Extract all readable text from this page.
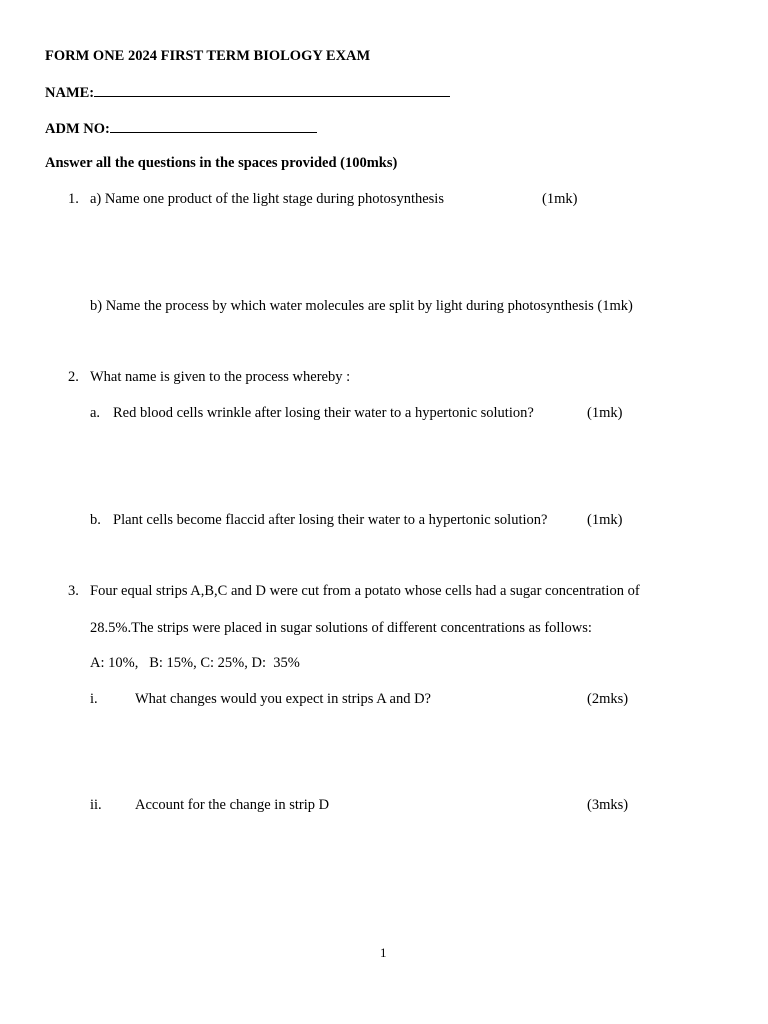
FORM ONE 2024 FIRST TERM BIOLOGY EXAM
NAME:
ADM NO:
Answer all the questions in the spaces provided (100mks)
1. a) Name one product of the light stage during photosynthesis	(1mk)
b) Name the process by which water molecules are split by light during photosynthesis (1mk)
2. What name is given to the process whereby :
a. Red blood cells wrinkle after losing their water to a hypertonic solution?	(1mk)
b. Plant cells become flaccid after losing their water to a hypertonic solution?	(1mk)
3. Four equal strips A,B,C and D were cut from a potato whose cells had a sugar concentration of
28.5%.The strips were placed in sugar solutions of different concentrations as follows:
A: 10%,   B: 15%, C: 25%, D:  35%
i.	What changes would you expect in strips A and D?	(2mks)
ii. Account for the change in strip D	(3mks)
1
